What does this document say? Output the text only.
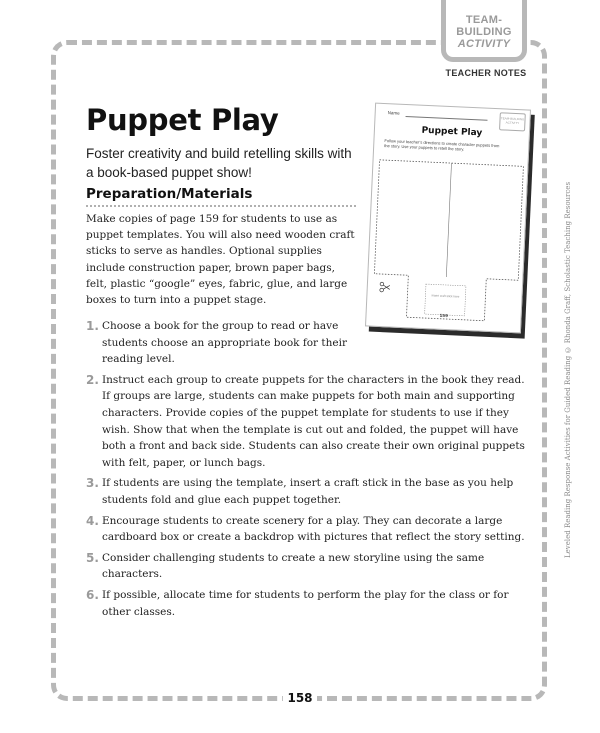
TEAM-
BUILDING
ACTIVITY
TEACHER NOTES
Puppet Play

Foster creativity and build retelling skills with a book-based puppet show!

Preparation/Materials

Make copies of page 159 for students to use as puppet templates. You will also need wooden craft sticks to serve as handles. Optional supplies include construction paper, brown paper bags, felt, plastic “google” eyes, fabric, glue, and large boxes to turn into a puppet stage.

Name
TEAM-BUILDING ACTIVITY
Puppet Play
Follow your teacher’s directions to create character puppets from the story. Use your puppets to retell the story.
Insert craft stick here
159
1. Choose a book for the group to read or have students choose an appropriate book for their reading level.
2. Instruct each group to create puppets for the characters in the book they read. If groups are large, students can make puppets for both main and supporting characters. Provide copies of the puppet template for students to use if they wish. Show that when the template is cut out and folded, the puppet will have both a front and back side. Students can also create their own original puppets with felt, paper, or lunch bags.
3. If students are using the template, insert a craft stick in the base as you help students fold and glue each puppet together.
4. Encourage students to create scenery for a play. They can decorate a large cardboard box or create a backdrop with pictures that reflect the story setting.
5. Consider challenging students to create a new storyline using the same characters.
6. If possible, allocate time for students to perform the play for the class or for other classes.
Leveled Reading Response Activities for Guided Reading © Rhonda Graff, Scholastic Teaching Resources
158
